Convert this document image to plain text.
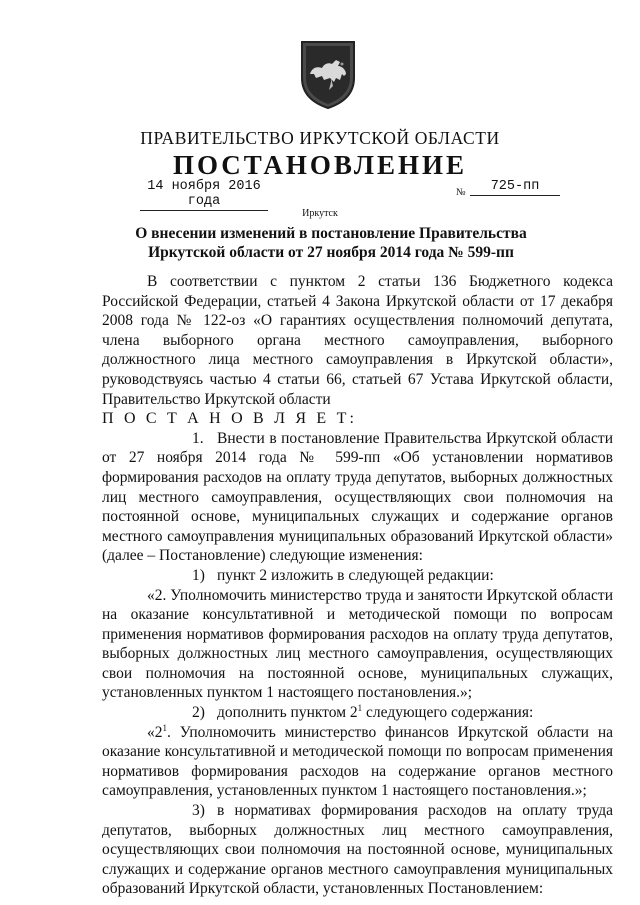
ПРАВИТЕЛЬСТВО ИРКУТСКОЙ ОБЛАСТИ
ПОСТАНОВЛЕНИЕ
14 ноября 2016 года
№	725-пп
Иркутск
О внесении изменений в постановление Правительства Иркутской области от 27 ноября 2014 года № 599-пп

В соответствии с пунктом 2 статьи 136 Бюджетного кодекса Российской Федерации, статьей 4 Закона Иркутской области от 17 декабря 2008 года № 122-оз «О гарантиях осуществления полномочий депутата, члена выборного органа местного самоуправления, выборного должностного лица местного самоуправления в Иркутской области», руководствуясь частью 4 статьи 66, статьей 67 Устава Иркутской области, Правительство Иркутской области

П О С Т А Н О В Л Я Е Т:

1. Внести в постановление Правительства Иркутской области от 27 ноября 2014 года № 599-пп «Об установлении нормативов формирования расходов на оплату труда депутатов, выборных должностных лиц местного самоуправления, осуществляющих свои полномочия на постоянной основе, муниципальных служащих и содержание органов местного самоуправления муниципальных образований Иркутской области» (далее – Постановление) следующие изменения:

1) пункт 2 изложить в следующей редакции:

«2. Уполномочить министерство труда и занятости Иркутской области на оказание консультативной и методической помощи по вопросам применения нормативов формирования расходов на оплату труда депутатов, выборных должностных лиц местного самоуправления, осуществляющих свои полномочия на постоянной основе, муниципальных служащих, установленных пунктом 1 настоящего постановления.»;

2) дополнить пунктом $2^1$ следующего содержания:

«$2^1$. Уполномочить министерство финансов Иркутской области на оказание консультативной и методической помощи по вопросам применения нормативов формирования расходов на содержание органов местного самоуправления, установленных пунктом 1 настоящего постановления.»;

3) в нормативах формирования расходов на оплату труда депутатов, выборных должностных лиц местного самоуправления, осуществляющих свои полномочия на постоянной основе, муниципальных служащих и содержание органов местного самоуправления муниципальных образований Иркутской области, установленных Постановлением:
